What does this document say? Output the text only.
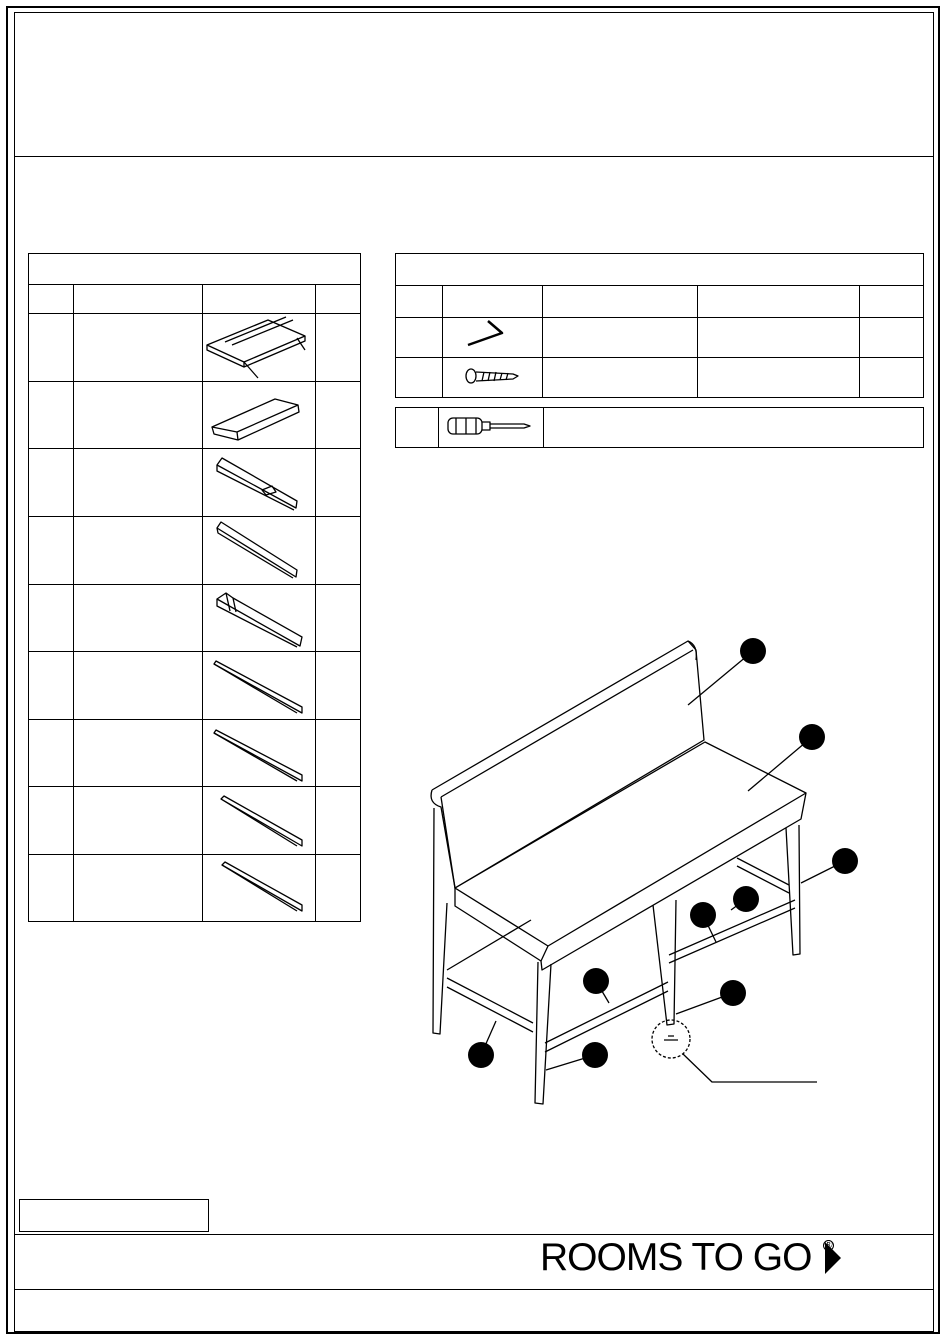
ROOMS TO GO ®
